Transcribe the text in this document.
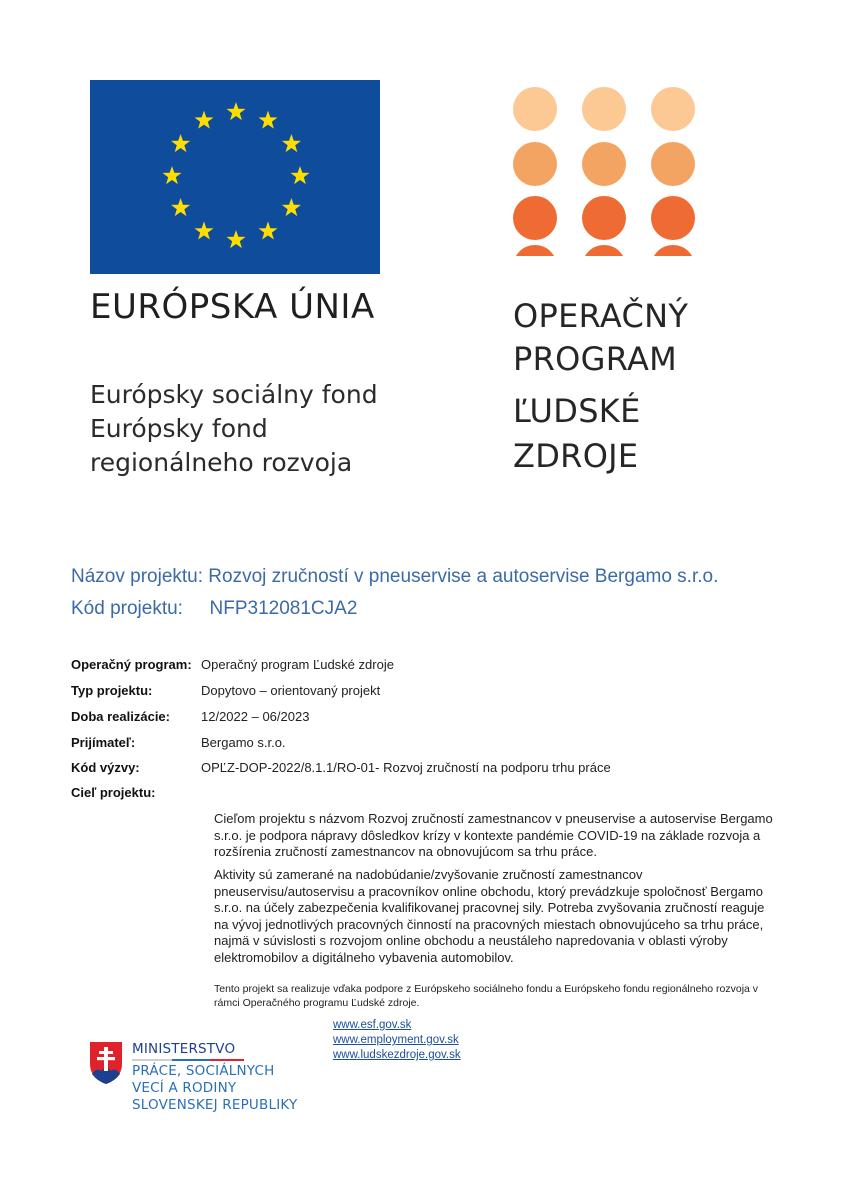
EURÓPSKA ÚNIA
Európsky sociálny fond
Európsky fond
regionálneho rozvoja
OPERAČNÝ
PROGRAM
ĽUDSKÉ
ZDROJE
Názov projektu: Rozvoj zručností v pneuservise a autoservise Bergamo s.r.o.
Kód projektu: NFP312081CJA2
Operačný program: Operačný program Ľudské zdroje
Typ projektu:	Dopytovo – orientovaný projekt
Doba realizácie: 12/2022 – 06/2023
Prijímateľ:	Bergamo s.r.o.
Kód výzvy:	OPĽZ-DOP-2022/8.1.1/RO-01- Rozvoj zručností na podporu trhu práce
Cieľ projektu:
Cieľom projektu s názvom Rozvoj zručností zamestnancov v pneuservise a autoservise Bergamo s.r.o. je podpora nápravy dôsledkov krízy v kontexte pandémie COVID-19 na základe rozvoja a rozšírenia zručností zamestnancov na obnovujúcom sa trhu práce.
Aktivity sú zamerané na nadobúdanie/zvyšovanie zručností zamestnancov pneuservisu/autoservisu a pracovníkov online obchodu, ktorý prevádzkuje spoločnosť Bergamo s.r.o. na účely zabezpečenia kvalifikovanej pracovnej sily. Potreba zvyšovania zručností reaguje na vývoj jednotlivých pracovných činností na pracovných miestach obnovujúceho sa trhu práce, najmä v súvislosti s rozvojom online obchodu a neustáleho napredovania v oblasti výroby elektromobilov a digitálneho vybavenia automobilov.
Tento projekt sa realizuje vďaka podpore z Európskeho sociálneho fondu a Európskeho fondu regionálneho rozvoja v rámci Operačného programu Ľudské zdroje.
www.esf.gov.sk
www.employment.gov.sk
www.ludskezdroje.gov.sk
MINISTERSTVO
PRÁCE, SOCIÁLNYCH
VECÍ A RODINY
SLOVENSKEJ REPUBLIKY
